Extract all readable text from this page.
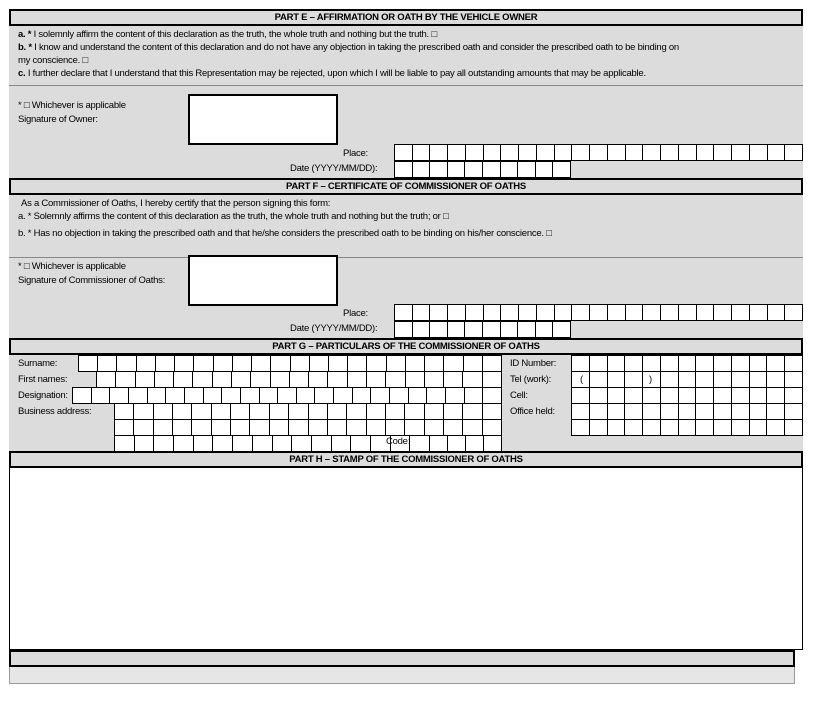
PART E – AFFIRMATION OR OATH BY THE VEHICLE OWNER
a. * I solemnly affirm the content of this declaration as the truth, the whole truth and nothing but the truth. □
b. * I know and understand the content of this declaration and do not have any objection in taking the prescribed oath and consider the prescribed oath to be binding on
my conscience. □
c. I further declare that I understand that this Representation may be rejected, upon which I will be liable to pay all outstanding amounts that may be applicable.
* □ Whichever is applicable
Signature of Owner:
Place:
Date (YYYY/MM/DD):
PART F – CERTIFICATE OF COMMISSIONER OF OATHS
As a Commissioner of Oaths, I hereby certify that the person signing this form:
a. * Solemnly affirms the content of this declaration as the truth, the whole truth and nothing but the truth; or □
b. * Has no objection in taking the prescribed oath and that he/she considers the prescribed oath to be binding on his/her conscience. □
* □ Whichever is applicable
Signature of Commissioner of Oaths:
Place:
Date (YYYY/MM/DD):
PART G – PARTICULARS OF THE COMMISSIONER OF OATHS
Surname:
First names:
Designation:
Business address:
Code:
ID Number:
Tel (work):	(	)
Cell:
Office held:
PART H – STAMP OF THE COMMISSIONER OF OATHS
